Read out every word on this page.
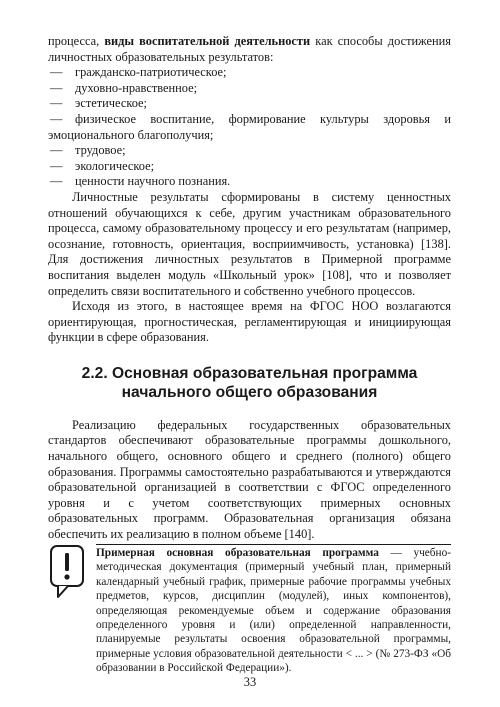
процесса, виды воспитательной деятельности как способы достижения личностных образовательных результатов:

— гражданско-патриотическое;
— духовно-нравственное;
— эстетическое;
— физическое воспитание, формирование культуры здоровья и эмоционального благополучия;
— трудовое;
— экологическое;
— ценности научного познания.

Личностные результаты сформированы в систему ценностных отношений обучающихся к себе, другим участникам образовательного процесса, самому образовательному процессу и его результатам (например, осознание, готовность, ориентация, восприимчивость, установка) [138]. Для достижения личностных результатов в Примерной программе воспитания выделен модуль «Школьный урок» [108], что и позволяет определить связи воспитательного и собственно учебного процессов.

Исходя из этого, в настоящее время на ФГОС НОО возлагаются ориентирующая, прогностическая, регламентирующая и инициирующая функции в сфере образования.

2.2. Основная образовательная программа
начального общего образования

Реализацию федеральных государственных образовательных стандартов обеспечивают образовательные программы дошкольного, начального общего, основного общего и среднего (полного) общего образования. Программы самостоятельно разрабатываются и утверждаются образовательной организацией в соответствии с ФГОС определенного уровня и с учетом соответствующих примерных основных образовательных программ. Образовательная организация обязана обеспечить их реализацию в полном объеме [140].

Примерная основная образовательная программа — учебно-методическая документация (примерный учебный план, примерный календарный учебный график, примерные рабочие программы учебных предметов, курсов, дисциплин (модулей), иных компонентов), определяющая рекомендуемые объем и содержание образования определенного уровня и (или) определенной направленности, планируемые результаты освоения образовательной программы, примерные условия образовательной деятельности < ... > (№ 273-ФЗ «Об образовании в Российской Федерации»).
33
